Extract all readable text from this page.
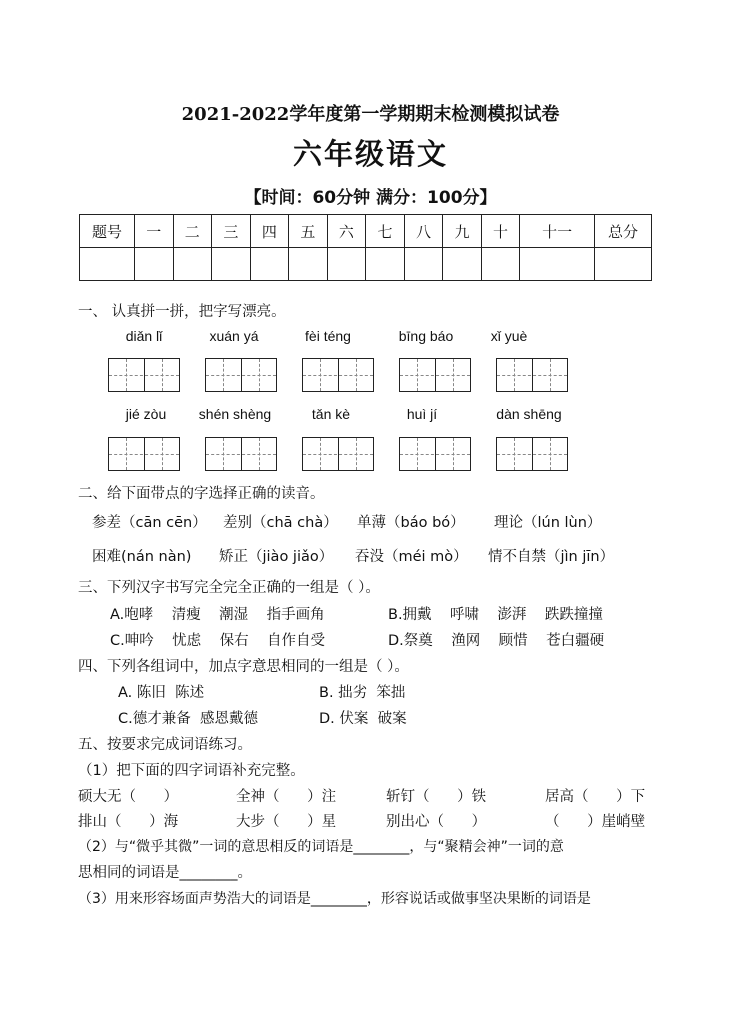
2021-2022学年度第一学期期末检测模拟试卷
六年级语文
【时间：60分钟 满分：100分】
题号	一	二	三	四	五	六	七	八	九	十	十一	总分

一、 认真拼一拼，把字写漂亮。
diǎn lǐ	xuán yá	fèi téng	bīng báo	xǐ yuè
jié zòu	shén shèng	tǎn kè	huì jí	dàn shēng
二、给下面带点的字选择正确的读音。
参差（cān cēn） 差别（chā chà） 单薄（báo bó） 理论（lún lùn）
困难(nán nàn) 矫正（jiào jiǎo） 吞没（méi mò） 情不自禁（jìn jīn）
三、下列汉字书写完全完全正确的一组是（ ）。
A.咆哮    清瘦    潮湿    指手画角	B.拥戴    呼啸    澎湃    跌跌撞撞
C.呻吟    忧虑    保右    自作自受	D.祭奠    渔网    顾惜    苍白疆硬
四、下列各组词中，加点字意思相同的一组是（ ）。
A. 陈旧  陈述	B. 拙劣  笨拙
C.德才兼备  感恩戴德	D. 伏案  破案
五、按要求完成词语练习。
（1）把下面的四字词语补充完整。
硕大无（      ）	全神（      ）注	斩钉（      ）铁	居高（      ）下
排山（      ）海	大步（      ）星	别出心（      ）	（      ）崖峭壁
（2）与“微乎其微”一词的意思相反的词语是________，与“聚精会神”一词的意
思相同的词语是________。
（3）用来形容场面声势浩大的词语是________，形容说话或做事坚决果断的词语是
